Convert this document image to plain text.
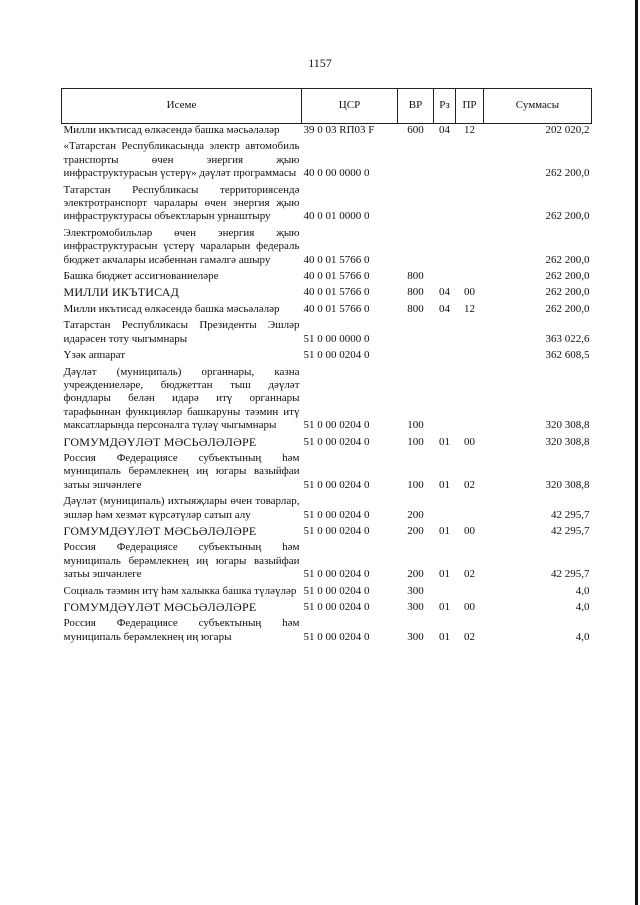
1157
Исеме	ЦСР	ВР	Рз	ПР	Суммасы
Милли икътисад өлкәсендә башка мәсьәләләр	39 0 03 RП03 F	600	04	12	202 020,2
«Татарстан Республикасында электр автомобиль транспорты өчен энергия җыю инфраструктурасын үстерү» дәүләт программасы	40 0 00 0000 0				262 200,0
Татарстан Республикасы территориясендә электротранспорт чаралары өчен энергия җыю инфраструктурасы объектларын урнаштыру	40 0 01 0000 0				262 200,0
Электромобильләр өчен энергия җыю инфраструктурасын үстерү чараларын федераль бюджет акчалары исәбеннән гамәлгә ашыру	40 0 01 5766 0				262 200,0
Башка бюджет ассигнованиеләре	40 0 01 5766 0	800			262 200,0
МИЛЛИ ИКЪТИСАД	40 0 01 5766 0	800	04	00	262 200,0
Милли икътисад өлкәсендә башка мәсьәләләр	40 0 01 5766 0	800	04	12	262 200,0
Татарстан Республикасы Президенты Эшләр идарәсен тоту чыгымнары	51 0 00 0000 0				363 022,6
Үзәк аппарат	51 0 00 0204 0				362 608,5
Дәүләт (муниципаль) органнары, казна учреждениеләре, бюджеттан тыш дәүләт фондлары белән идарә итү органнары тарафыннан функцияләр башкаруны тәэмин итү максатларында персоналга түләү чыгымнары	51 0 00 0204 0	100			320 308,8
ГОМУМДӘҮЛӘТ МӘСЬӘЛӘЛӘРЕ	51 0 00 0204 0	100	01	00	320 308,8
Россия Федерациясе субъектының һәм муниципаль берәмлекнең иң югары вазыйфаи затьы эшчәнлеге	51 0 00 0204 0	100	01	02	320 308,8
Дәүләт (муниципаль) ихтыяҗлары өчен товарлар, эшләр һәм хезмәт күрсәтүләр сатып алу	51 0 00 0204 0	200			42 295,7
ГОМУМДӘҮЛӘТ МӘСЬӘЛӘЛӘРЕ	51 0 00 0204 0	200	01	00	42 295,7
Россия Федерациясе субъектының һәм муниципаль берәмлекнең иң югары вазыйфаи затьы эшчәнлеге	51 0 00 0204 0	200	01	02	42 295,7
Социаль тәэмин итү һәм халыкка башка түләүләр	51 0 00 0204 0	300			4,0
ГОМУМДӘҮЛӘТ МӘСЬӘЛӘЛӘРЕ	51 0 00 0204 0	300	01	00	4,0
Россия Федерациясе субъектының һәм муниципаль берәмлекнең иң югары	51 0 00 0204 0	300	01	02	4,0
